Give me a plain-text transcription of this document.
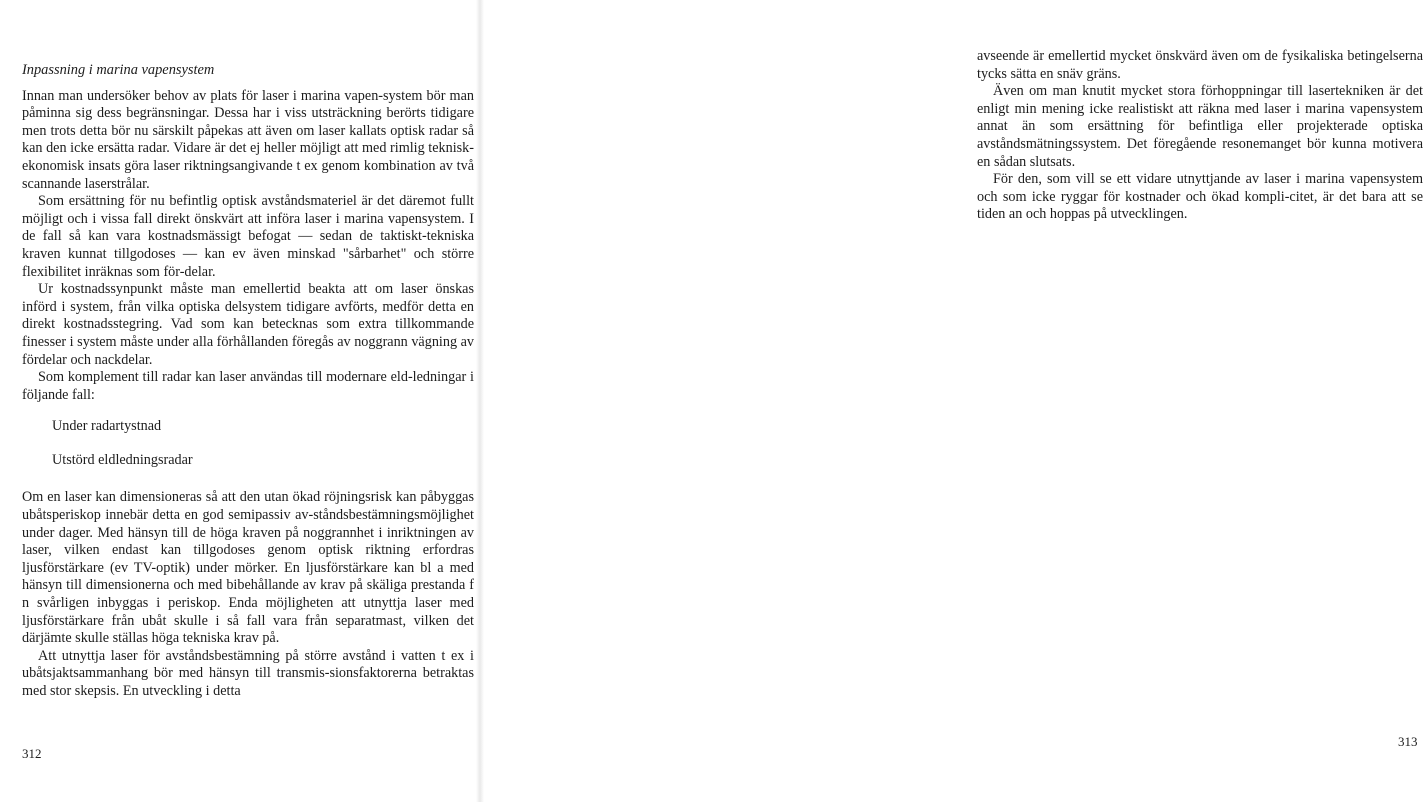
Inpassning i marina vapensystem

Innan man undersöker behov av plats för laser i marina vapen-system bör man påminna sig dess begränsningar. Dessa har i viss utsträckning berörts tidigare men trots detta bör nu särskilt påpekas att även om laser kallats optisk radar så kan den icke ersätta radar. Vidare är det ej heller möjligt att med rimlig teknisk-ekonomisk insats göra laser riktningsangivande t ex genom kombination av två scannande laserstrålar.

Som ersättning för nu befintlig optisk avståndsmateriel är det däremot fullt möjligt och i vissa fall direkt önskvärt att införa laser i marina vapensystem. I de fall så kan vara kostnadsmässigt befogat — sedan de taktiskt-tekniska kraven kunnat tillgodoses — kan ev även minskad "sårbarhet" och större flexibilitet inräknas som för-delar.

Ur kostnadssynpunkt måste man emellertid beakta att om laser önskas införd i system, från vilka optiska delsystem tidigare avförts, medför detta en direkt kostnadsstegring. Vad som kan betecknas som extra tillkommande finesser i system måste under alla förhållanden föregås av noggrann vägning av fördelar och nackdelar.

Som komplement till radar kan laser användas till modernare eld-ledningar i följande fall:

Under radartystnad
Utstörd eldledningsradar

Om en laser kan dimensioneras så att den utan ökad röjningsrisk kan påbyggas ubåtsperiskop innebär detta en god semipassiv av-ståndsbestämningsmöjlighet under dager. Med hänsyn till de höga kraven på noggrannhet i inriktningen av laser, vilken endast kan tillgodoses genom optisk riktning erfordras ljusförstärkare (ev TV-optik) under mörker. En ljusförstärkare kan bl a med hänsyn till dimensionerna och med bibehållande av krav på skäliga prestanda f n svårligen inbyggas i periskop. Enda möjligheten att utnyttja laser med ljusförstärkare från ubåt skulle i så fall vara från separatmast, vilken det därjämte skulle ställas höga tekniska krav på.

Att utnyttja laser för avståndsbestämning på större avstånd i vatten t ex i ubåtsjaktsammanhang bör med hänsyn till transmis-sionsfaktorerna betraktas med stor skepsis. En utveckling i detta

312

avseende är emellertid mycket önskvärd även om de fysikaliska betingelserna tycks sätta en snäv gräns.

Även om man knutit mycket stora förhoppningar till lasertekniken är det enligt min mening icke realistiskt att räkna med laser i marina vapensystem annat än som ersättning för befintliga eller projekterade optiska avståndsmätningssystem. Det föregående resonemanget bör kunna motivera en sådan slutsats.

För den, som vill se ett vidare utnyttjande av laser i marina vapensystem och som icke ryggar för kostnader och ökad kompli-citet, är det bara att se tiden an och hoppas på utvecklingen.

313
